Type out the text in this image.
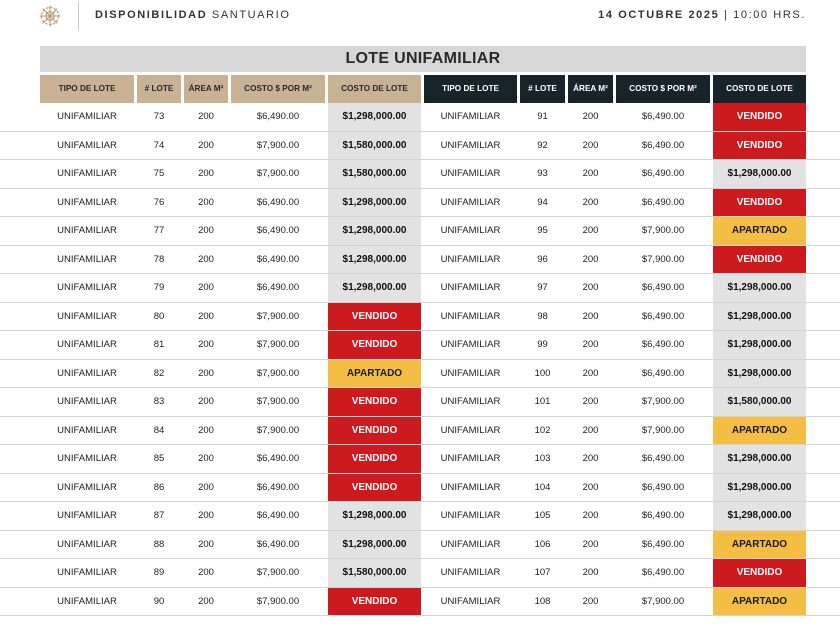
DISPONIBILIDAD SANTUARIO	14 OCTUBRE 2025 | 10:00 HRS.
LOTE UNIFAMILIAR
TIPO DE LOTE	# LOTE	ÁREA M²	COSTO $ POR M²	COSTO DE LOTE	TIPO DE LOTE	# LOTE	ÁREA M²	COSTO $ POR M²	COSTO DE LOTE
UNIFAMILIAR	73	200	$6,490.00	$1,298,000.00	UNIFAMILIAR	91	200	$6,490.00	VENDIDO
UNIFAMILIAR	74	200	$7,900.00	$1,580,000.00	UNIFAMILIAR	92	200	$6,490.00	VENDIDO
UNIFAMILIAR	75	200	$7,900.00	$1,580,000.00	UNIFAMILIAR	93	200	$6,490.00	$1,298,000.00
UNIFAMILIAR	76	200	$6,490.00	$1,298,000.00	UNIFAMILIAR	94	200	$6,490.00	VENDIDO
UNIFAMILIAR	77	200	$6,490.00	$1,298,000.00	UNIFAMILIAR	95	200	$7,900.00	APARTADO
UNIFAMILIAR	78	200	$6,490.00	$1,298,000.00	UNIFAMILIAR	96	200	$7,900.00	VENDIDO
UNIFAMILIAR	79	200	$6,490.00	$1,298,000.00	UNIFAMILIAR	97	200	$6,490.00	$1,298,000.00
UNIFAMILIAR	80	200	$7,900.00	VENDIDO	UNIFAMILIAR	98	200	$6,490.00	$1,298,000.00
UNIFAMILIAR	81	200	$7,900.00	VENDIDO	UNIFAMILIAR	99	200	$6,490.00	$1,298,000.00
UNIFAMILIAR	82	200	$7,900.00	APARTADO	UNIFAMILIAR	100	200	$6,490.00	$1,298,000.00
UNIFAMILIAR	83	200	$7,900.00	VENDIDO	UNIFAMILIAR	101	200	$7,900.00	$1,580,000.00
UNIFAMILIAR	84	200	$7,900.00	VENDIDO	UNIFAMILIAR	102	200	$7,900.00	APARTADO
UNIFAMILIAR	85	200	$6,490.00	VENDIDO	UNIFAMILIAR	103	200	$6,490.00	$1,298,000.00
UNIFAMILIAR	86	200	$6,490.00	VENDIDO	UNIFAMILIAR	104	200	$6,490.00	$1,298,000.00
UNIFAMILIAR	87	200	$6,490.00	$1,298,000.00	UNIFAMILIAR	105	200	$6,490.00	$1,298,000.00
UNIFAMILIAR	88	200	$6,490.00	$1,298,000.00	UNIFAMILIAR	106	200	$6,490.00	APARTADO
UNIFAMILIAR	89	200	$7,900.00	$1,580,000.00	UNIFAMILIAR	107	200	$6,490.00	VENDIDO
UNIFAMILIAR	90	200	$7,900.00	VENDIDO	UNIFAMILIAR	108	200	$7,900.00	APARTADO
